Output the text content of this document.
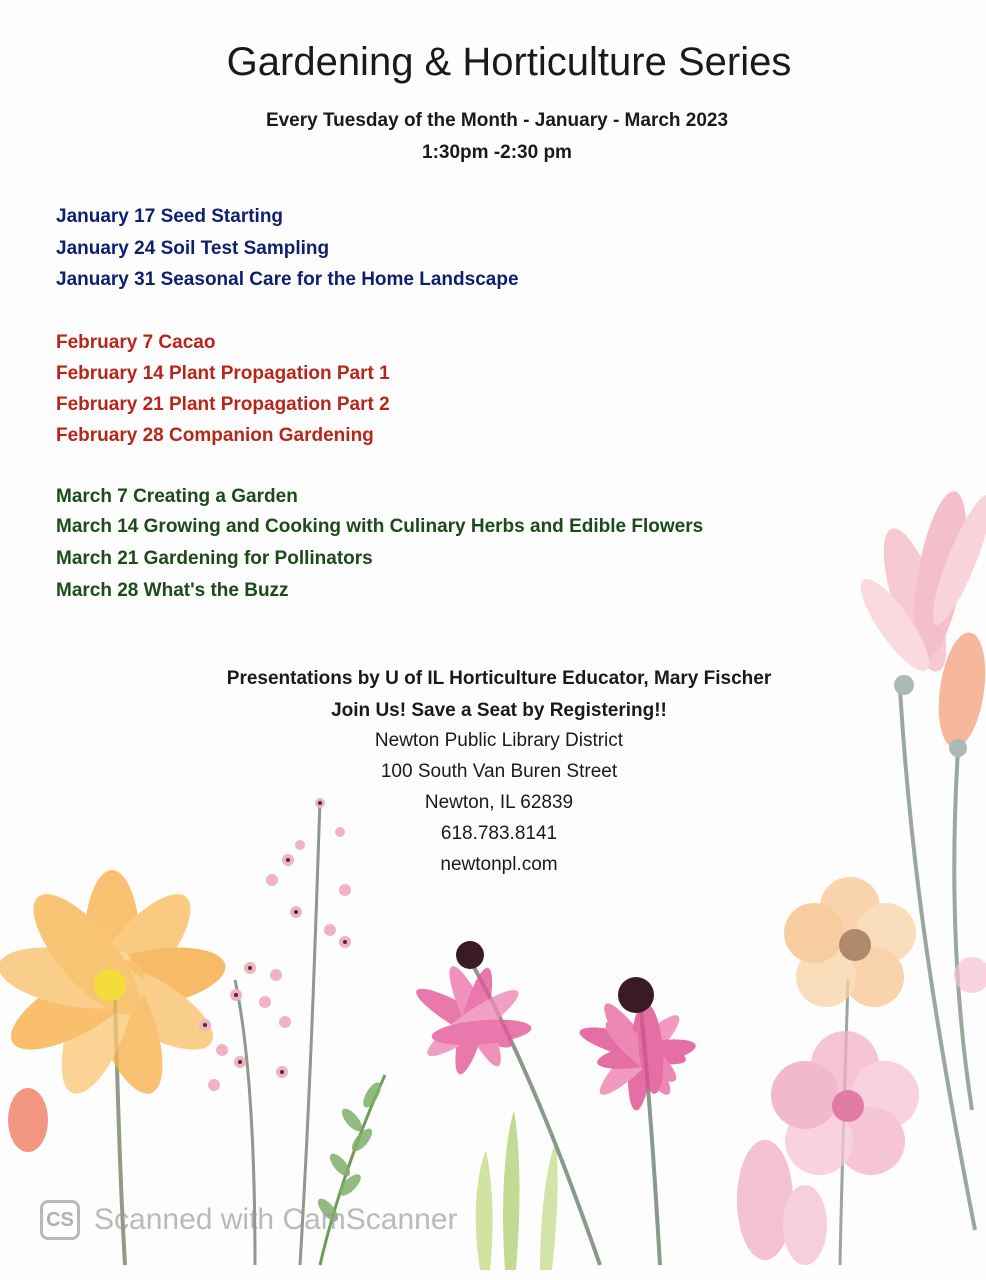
Gardening & Horticulture Series
Every Tuesday of the Month - January - March 2023
1:30pm -2:30 pm
January 17 Seed Starting
January 24 Soil Test Sampling
January 31 Seasonal Care for the Home Landscape
February 7 Cacao
February 14 Plant Propagation Part 1
February 21 Plant Propagation Part 2
February 28 Companion Gardening
March 7 Creating a Garden
March 14 Growing and Cooking with Culinary Herbs and Edible Flowers
March 21 Gardening for Pollinators
March 28 What's the Buzz
Presentations by U of IL Horticulture Educator, Mary Fischer
Join Us! Save a Seat by Registering!!
Newton Public Library District
100 South Van Buren Street
Newton, IL 62839
618.783.8141
newtonpl.com
CS Scanned with CamScanner
